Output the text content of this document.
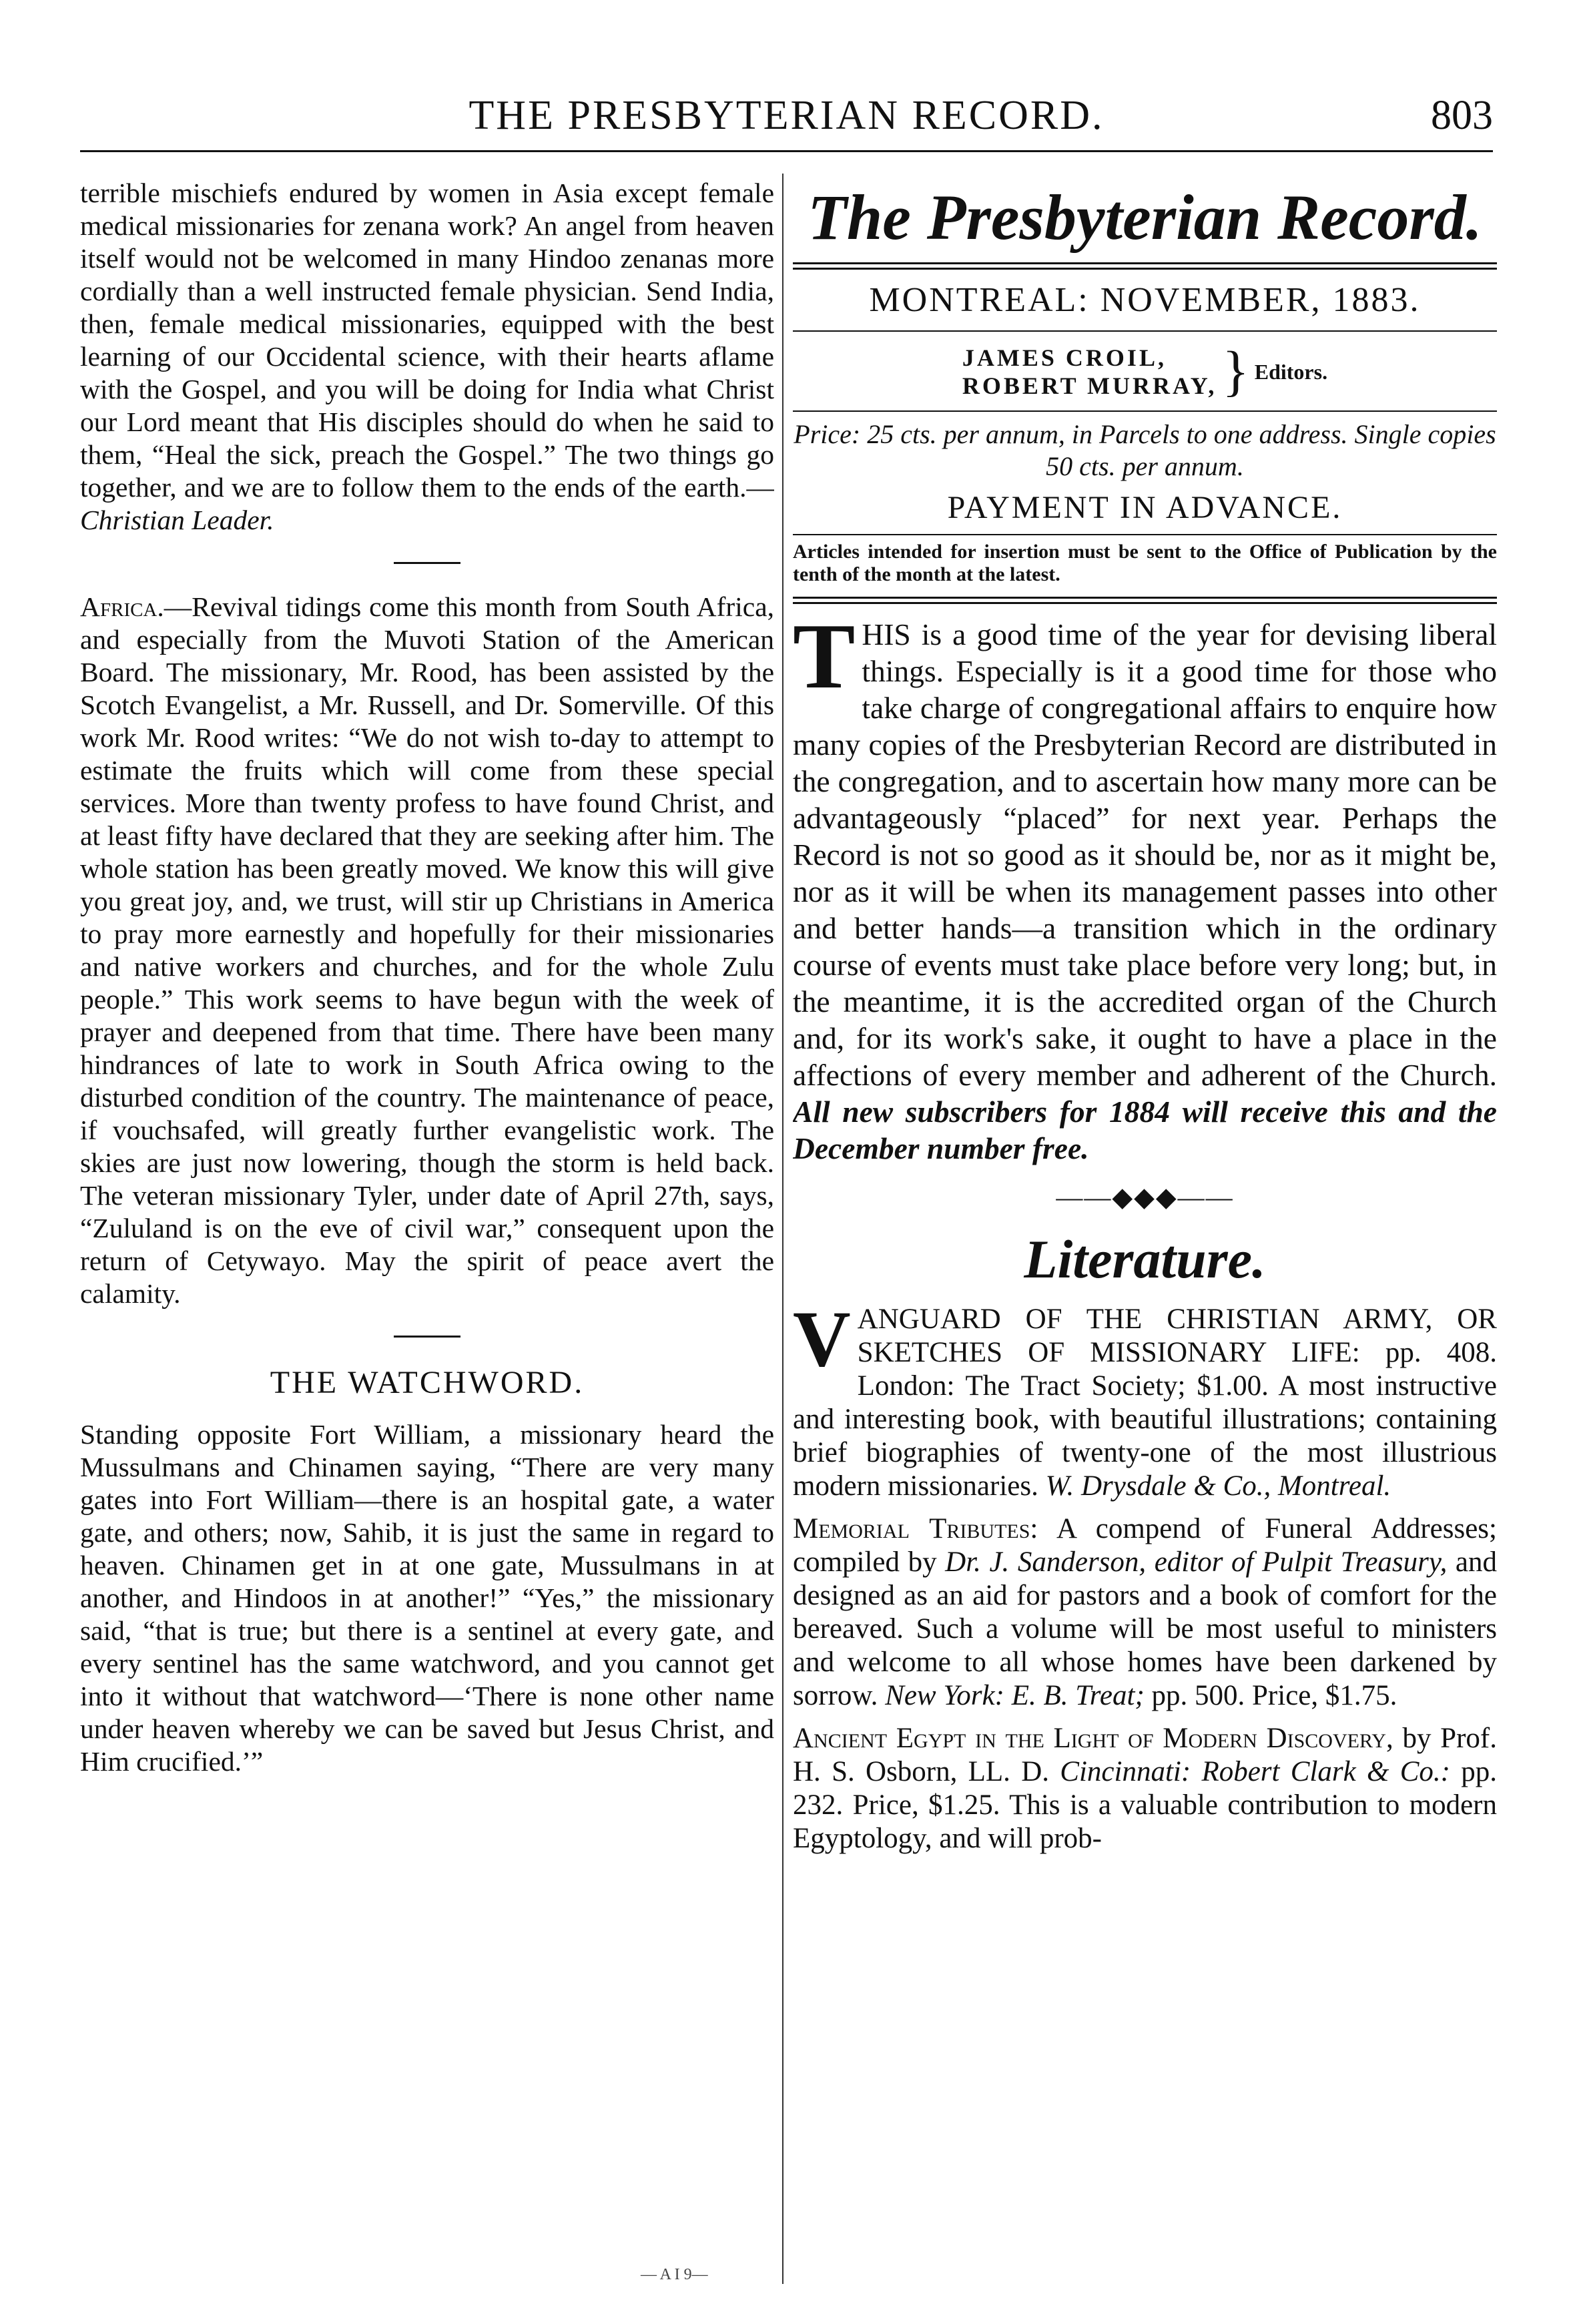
THE PRESBYTERIAN RECORD.	803

terrible mischiefs endured by women in Asia except female medical missionaries for zenana work? An angel from heaven itself would not be welcomed in many Hindoo zenanas more cordially than a well instructed female physician. Send India, then, female medical missionaries, equipped with the best learning of our Occidental science, with their hearts aflame with the Gospel, and you will be doing for India what Christ our Lord meant that His disciples should do when he said to them, “Heal the sick, preach the Gospel.” The two things go together, and we are to follow them to the ends of the earth.—Christian Leader.

Africa.—Revival tidings come this month from South Africa, and especially from the Muvoti Station of the American Board. The missionary, Mr. Rood, has been assisted by the Scotch Evangelist, a Mr. Russell, and Dr. Somerville. Of this work Mr. Rood writes: “We do not wish to-day to attempt to estimate the fruits which will come from these special services. More than twenty profess to have found Christ, and at least fifty have declared that they are seeking after him. The whole station has been greatly moved. We know this will give you great joy, and, we trust, will stir up Christians in America to pray more earnestly and hopefully for their missionaries and native workers and churches, and for the whole Zulu people.” This work seems to have begun with the week of prayer and deepened from that time. There have been many hindrances of late to work in South Africa owing to the disturbed condition of the country. The maintenance of peace, if vouchsafed, will greatly further evangelistic work. The skies are just now lowering, though the storm is held back. The veteran missionary Tyler, under date of April 27th, says, “Zululand is on the eve of civil war,” consequent upon the return of Cetywayo. May the spirit of peace avert the calamity.

THE WATCHWORD.

Standing opposite Fort William, a missionary heard the Mussulmans and Chinamen saying, “There are very many gates into Fort William—there is an hospital gate, a water gate, and others; now, Sahib, it is just the same in regard to heaven. Chinamen get in at one gate, Mussulmans in at another, and Hindoos in at another!” “Yes,” the missionary said, “that is true; but there is a sentinel at every gate, and every sentinel has the same watchword, and you cannot get into it without that watchword—‘There is none other name under heaven whereby we can be saved but Jesus Christ, and Him crucified.’”

The Presbyterian Record.
MONTREAL: NOVEMBER, 1883.
JAMES CROIL,
ROBERT MURRAY, } Editors.
Price: 25 cts. per annum, in Parcels to one address. Single copies 50 cts. per annum.
PAYMENT IN ADVANCE.

Articles intended for insertion must be sent to the Office of Publication by the tenth of the month at the latest.

THIS is a good time of the year for devising liberal things. Especially is it a good time for those who take charge of congregational affairs to enquire how many copies of the Presbyterian Record are distributed in the congregation, and to ascertain how many more can be advantageously “placed” for next year. Perhaps the Record is not so good as it should be, nor as it might be, nor as it will be when its management passes into other and better hands—a transition which in the ordinary course of events must take place before very long; but, in the meantime, it is the accredited organ of the Church and, for its work's sake, it ought to have a place in the affections of every member and adherent of the Church. All new subscribers for 1884 will receive this and the December number free.

——◆◆◆——
Literature.

VANGUARD OF THE CHRISTIAN ARMY, OR SKETCHES OF MISSIONARY LIFE: pp. 408. London: The Tract Society; $1.00. A most instructive and interesting book, with beautiful illustrations; containing brief biographies of twenty-one of the most illustrious modern missionaries. W. Drysdale & Co., Montreal.

Memorial Tributes: A compend of Funeral Addresses; compiled by Dr. J. Sanderson, editor of Pulpit Treasury, and designed as an aid for pastors and a book of comfort for the bereaved. Such a volume will be most useful to ministers and welcome to all whose homes have been darkened by sorrow. New York: E. B. Treat; pp. 500. Price, $1.75.

Ancient Egypt in the Light of Modern Discovery, by Prof. H. S. Osborn, LL. D. Cincinnati: Robert Clark & Co.: pp. 232. Price, $1.25. This is a valuable contribution to modern Egyptology, and will prob-

— A I 9—
